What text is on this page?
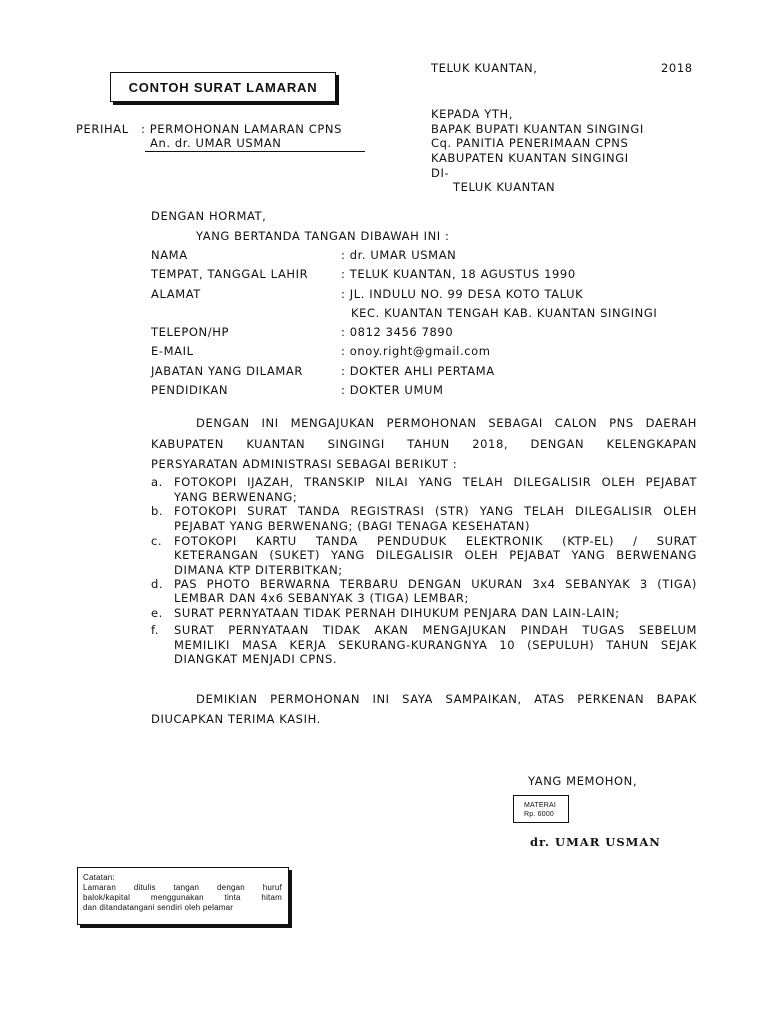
TELUK KUANTAN,	2018
CONTOH SURAT LAMARAN
KEPADA YTH,
BAPAK BUPATI KUANTAN SINGINGI
Cq. PANITIA PENERIMAAN CPNS
KABUPATEN KUANTAN SINGINGI
DI-
TELUK KUANTAN
PERIHAL : PERMOHONAN LAMARAN CPNS
An. dr. UMAR USMAN
DENGAN HORMAT,
YANG BERTANDA TANGAN DIBAWAH INI :
NAMA	: dr. UMAR USMAN
TEMPAT, TANGGAL LAHIR	: TELUK KUANTAN, 18 AGUSTUS 1990
ALAMAT	: JL. INDULU NO. 99 DESA KOTO TALUK
KEC. KUANTAN TENGAH KAB. KUANTAN SINGINGI
TELEPON/HP	: 0812 3456 7890
E-MAIL	: onoy.right@gmail.com
JABATAN YANG DILAMAR	: DOKTER AHLI PERTAMA
PENDIDIKAN	: DOKTER UMUM
DENGAN INI MENGAJUKAN PERMOHONAN SEBAGAI CALON PNS DAERAH
KABUPATEN KUANTAN SINGINGI TAHUN 2018, DENGAN KELENGKAPAN
PERSYARATAN ADMINISTRASI SEBAGAI BERIKUT :
a. FOTOKOPI IJAZAH, TRANSKIP NILAI YANG TELAH DILEGALISIR OLEH PEJABAT
YANG BERWENANG;
b. FOTOKOPI SURAT TANDA REGISTRASI (STR) YANG TELAH DILEGALISIR OLEH
PEJABAT YANG BERWENANG; (BAGI TENAGA KESEHATAN)
c. FOTOKOPI KARTU TANDA PENDUDUK ELEKTRONIK (KTP-EL) / SURAT
KETERANGAN (SUKET) YANG DILEGALISIR OLEH PEJABAT YANG BERWENANG
DIMANA KTP DITERBITKAN;
d. PAS PHOTO BERWARNA TERBARU DENGAN UKURAN 3x4 SEBANYAK 3 (TIGA)
LEMBAR DAN 4x6 SEBANYAK 3 (TIGA) LEMBAR;
e. SURAT PERNYATAAN TIDAK PERNAH DIHUKUM PENJARA DAN LAIN-LAIN;
f. SURAT PERNYATAAN TIDAK AKAN MENGAJUKAN PINDAH TUGAS SEBELUM
MEMILIKI MASA KERJA SEKURANG-KURANGNYA 10 (SEPULUH) TAHUN SEJAK
DIANGKAT MENJADI CPNS.
DEMIKIAN PERMOHONAN INI SAYA SAMPAIKAN, ATAS PERKENAN BAPAK
DIUCAPKAN TERIMA KASIH.
YANG MEMOHON,
MATERAI
Rp. 6000
dr. UMAR USMAN
Catatan:
Lamaran ditulis tangan dengan huruf
balok/kapital menggunakan tinta hitam
dan ditandatangani sendiri oleh pelamar
